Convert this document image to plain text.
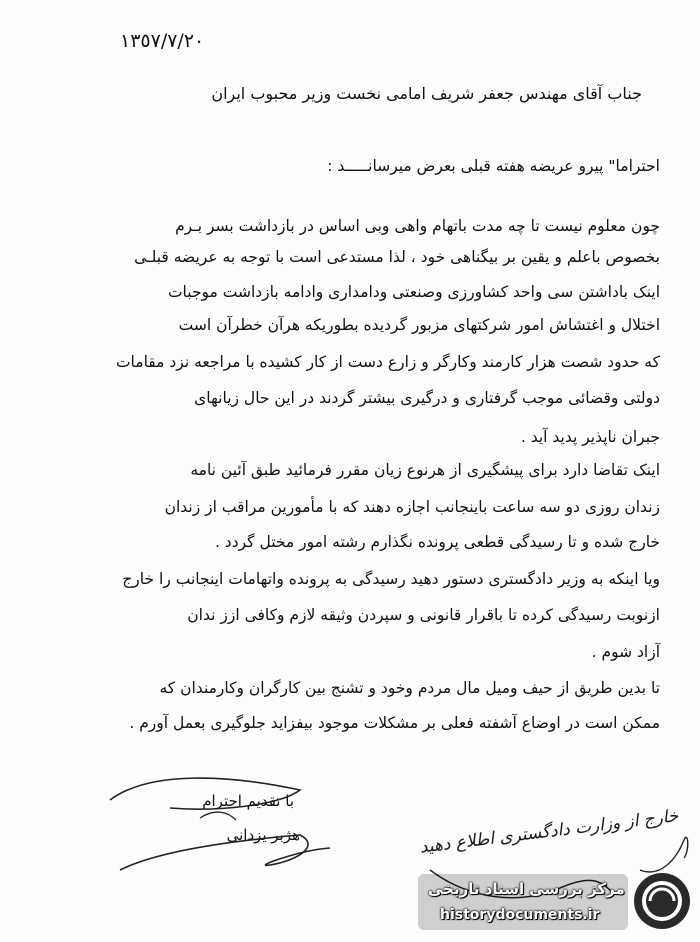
١٣٥٧/٧/٢٠
جناب آقای مهندس جعفر شریف امامی نخست وزیر محبوب ایران
احتراما" پیرو عریضه هفته قبلی بعرض میرسانـــــد :
چون معلوم نیست تا چه مدت باتهام واهی وبی اساس در بازداشت بسر بـرم
بخصوص باعلم و یقین بر بیگناهی خود ، لذا مستدعی است با توجه به عریضه قبلـی
اینک باداشتن سی واحد کشاورزی وصنعتی ودامداری وادامه بازداشت موجبات
اختلال و اغتشاش امور شرکتهای مزبور گردیده بطوریکه هرآن خطرآن است
که حدود شصت هزار کارمند وکارگر و زارع دست از کار کشیده با مراجعه نزد مقامات
دولتی وقضائی موجب گرفتاری و درگیری بیشتر گردند در این حال زیانهای
جبران ناپذیر پدید آید .
اینک تقاضا دارد برای پیشگیری از هرنوع زیان مقرر فرمائید طبق آئین نامه
زندان روزی دو سه ساعت باینجانب اجازه دهند که با مأمورین مراقب از زندان
خارج شده و تا رسیدگی قطعی پرونده نگذارم رشته امور مختل گردد .
ویا اینکه به وزیر دادگستری دستور دهید رسیدگی به پرونده واتهامات اینجانب را خارج
ازنوبت رسیدگی کرده تا باقرار قانونی و سپردن وثیقه لازم وکافی ازز ندان
آزاد شوم .
تا بدین طریق از حیف ومیل مال مردم وخود و تشنج بین کارگران وکارمندان که
ممکن است در اوضاع آشفته فعلی بر مشکلات موجود بیفزاید جلوگیری بعمل آورم .
با تقدیم احترام
هژبر یزدانی	خارج از وزارت دادگستری اطلاع دهید
مرکز بررسی اسناد تاریخی
historydocuments.ir
